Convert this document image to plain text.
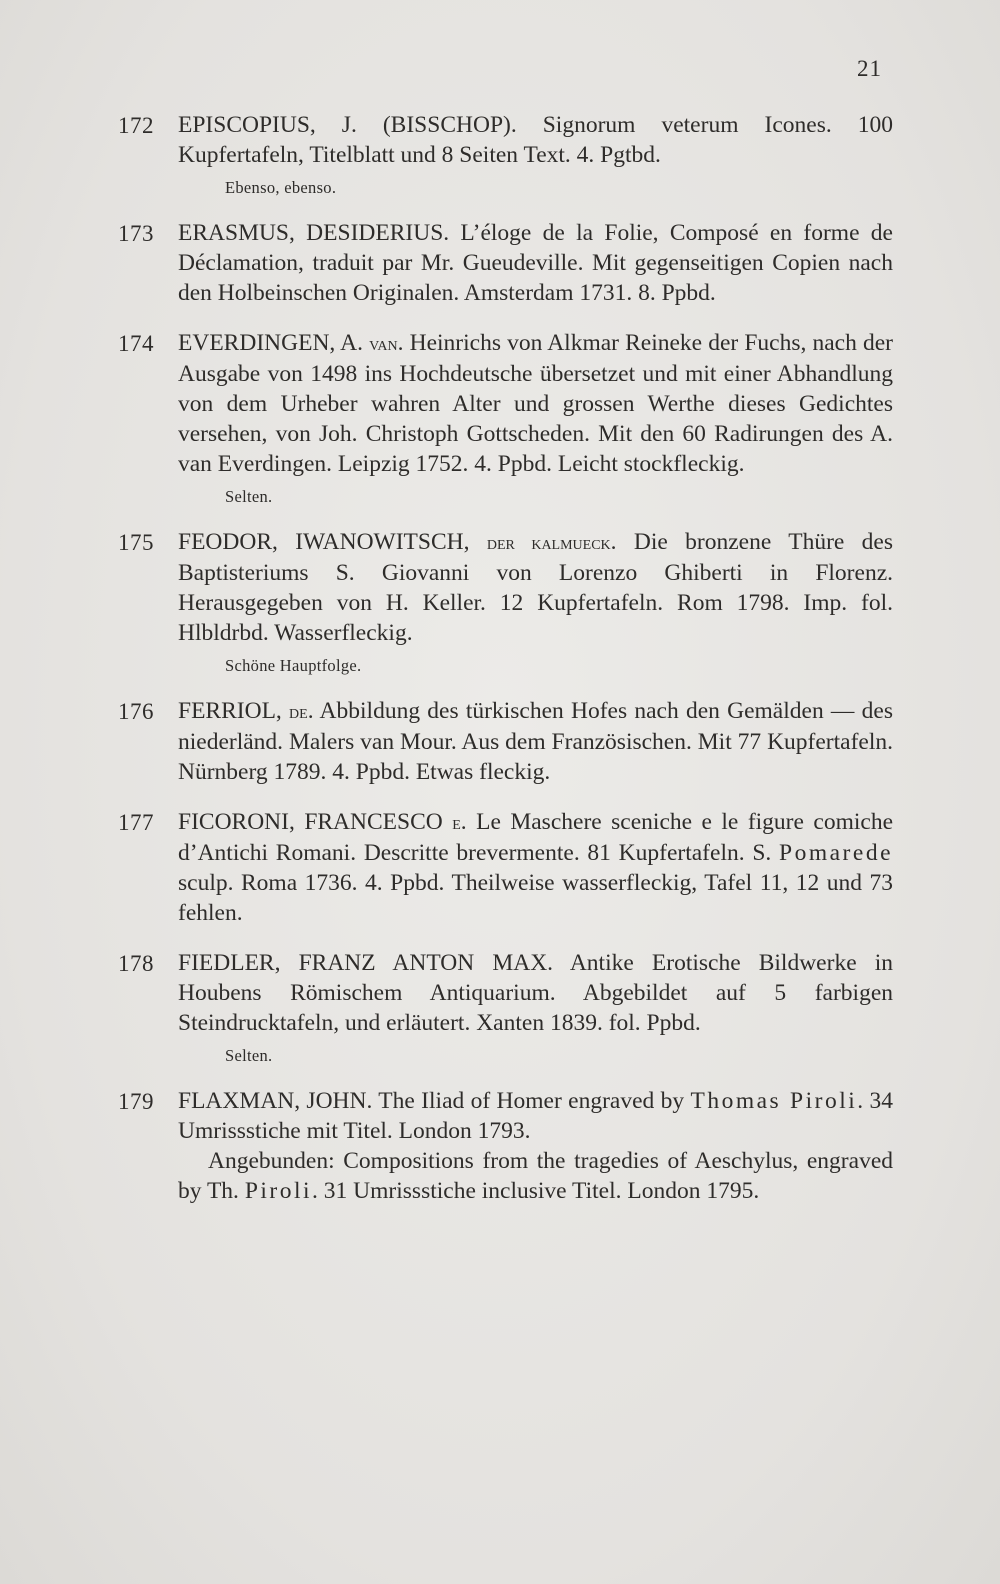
21
172 EPISCOPIUS, J. (BISSCHOP). Signorum veterum Icones. 100 Kupfertafeln, Titelblatt und 8 Seiten Text. 4. Pgtbd.
Ebenso, ebenso.
173 ERASMUS, DESIDERIUS. L’éloge de la Folie, Composé en forme de Déclamation, traduit par Mr. Gueudeville. Mit gegenseitigen Copien nach den Holbeinschen Originalen. Amsterdam 1731. 8. Ppbd.
174 EVERDINGEN, A. van. Heinrichs von Alkmar Reineke der Fuchs, nach der Ausgabe von 1498 ins Hochdeutsche übersetzet und mit einer Abhandlung von dem Urheber wahren Alter und grossen Werthe dieses Gedichtes versehen, von Joh. Christoph Gottscheden. Mit den 60 Radirungen des A. van Everdingen. Leipzig 1752. 4. Ppbd. Leicht stockfleckig.
Selten.
175 FEODOR, IWANOWITSCH, der kalmueck. Die bronzene Thüre des Baptisteriums S. Giovanni von Lorenzo Ghiberti in Florenz. Herausgegeben von H. Keller. 12 Kupfertafeln. Rom 1798. Imp. fol. Hlbldrbd. Wasserfleckig.
Schöne Hauptfolge.
176 FERRIOL, de. Abbildung des türkischen Hofes nach den Gemälden — des niederländ. Malers van Mour. Aus dem Französischen. Mit 77 Kupfertafeln. Nürnberg 1789. 4. Ppbd. Etwas fleckig.
177 FICORONI, FRANCESCO e. Le Maschere sceniche e le figure comiche d’Antichi Romani. Descritte brevermente. 81 Kupfertafeln. S. Pomarede sculp. Roma 1736. 4. Ppbd. Theilweise wasserfleckig, Tafel 11, 12 und 73 fehlen.
178 FIEDLER, FRANZ ANTON MAX. Antike Erotische Bildwerke in Houbens Römischem Antiquarium. Abgebildet auf 5 farbigen Steindrucktafeln, und erläutert. Xanten 1839. fol. Ppbd.
Selten.
179 FLAXMAN, JOHN. The Iliad of Homer engraved by Thomas Piroli. 34 Umrissstiche mit Titel. London 1793.
Angebunden: Compositions from the tragedies of Aeschylus, engraved by Th. Piroli. 31 Umrissstiche inclusive Titel. London 1795.
